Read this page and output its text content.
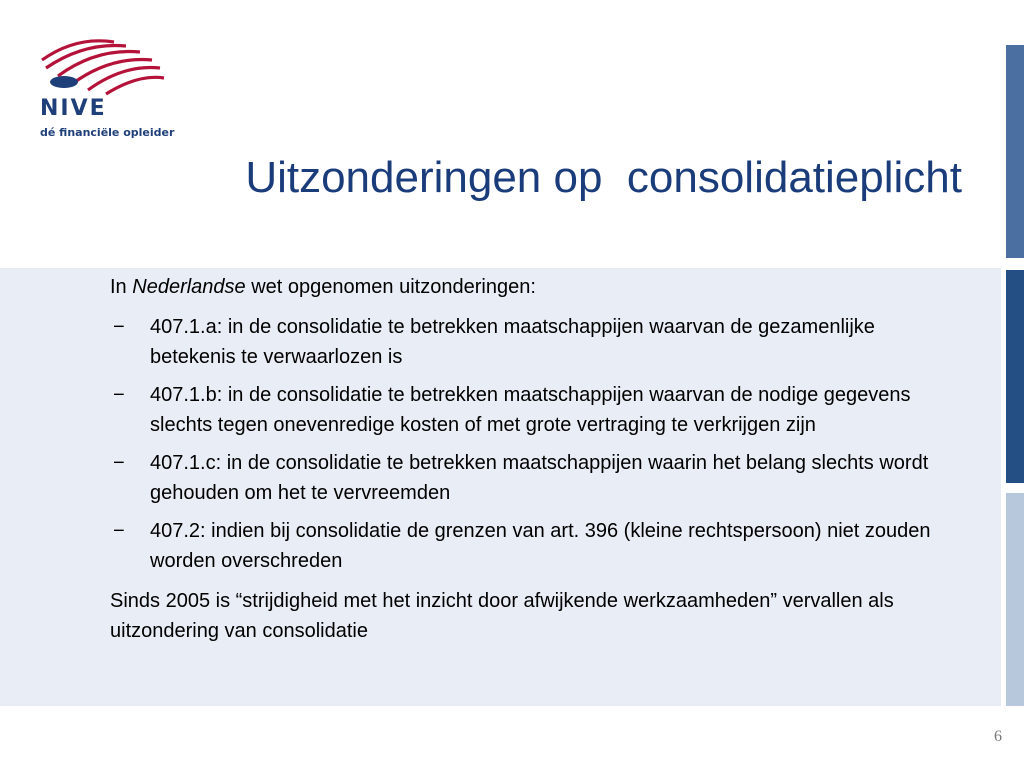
NIVE
dé financiële opleider
Uitzonderingen op  consolidatieplicht

In Nederlandse wet opgenomen uitzonderingen:

− 407.1.a: in de consolidatie te betrekken maatschappijen waarvan de gezamenlijke betekenis te verwaarlozen is
− 407.1.b: in de consolidatie te betrekken maatschappijen waarvan de nodige gegevens slechts tegen onevenredige kosten of met grote vertraging te verkrijgen zijn
− 407.1.c: in de consolidatie te betrekken maatschappijen waarin het belang slechts wordt gehouden om het te vervreemden
− 407.2: indien bij consolidatie de grenzen van art. 396 (kleine rechtspersoon) niet zouden worden overschreden

Sinds 2005 is “strijdigheid met het inzicht door afwijkende werkzaamheden” vervallen als uitzondering van consolidatie

6
